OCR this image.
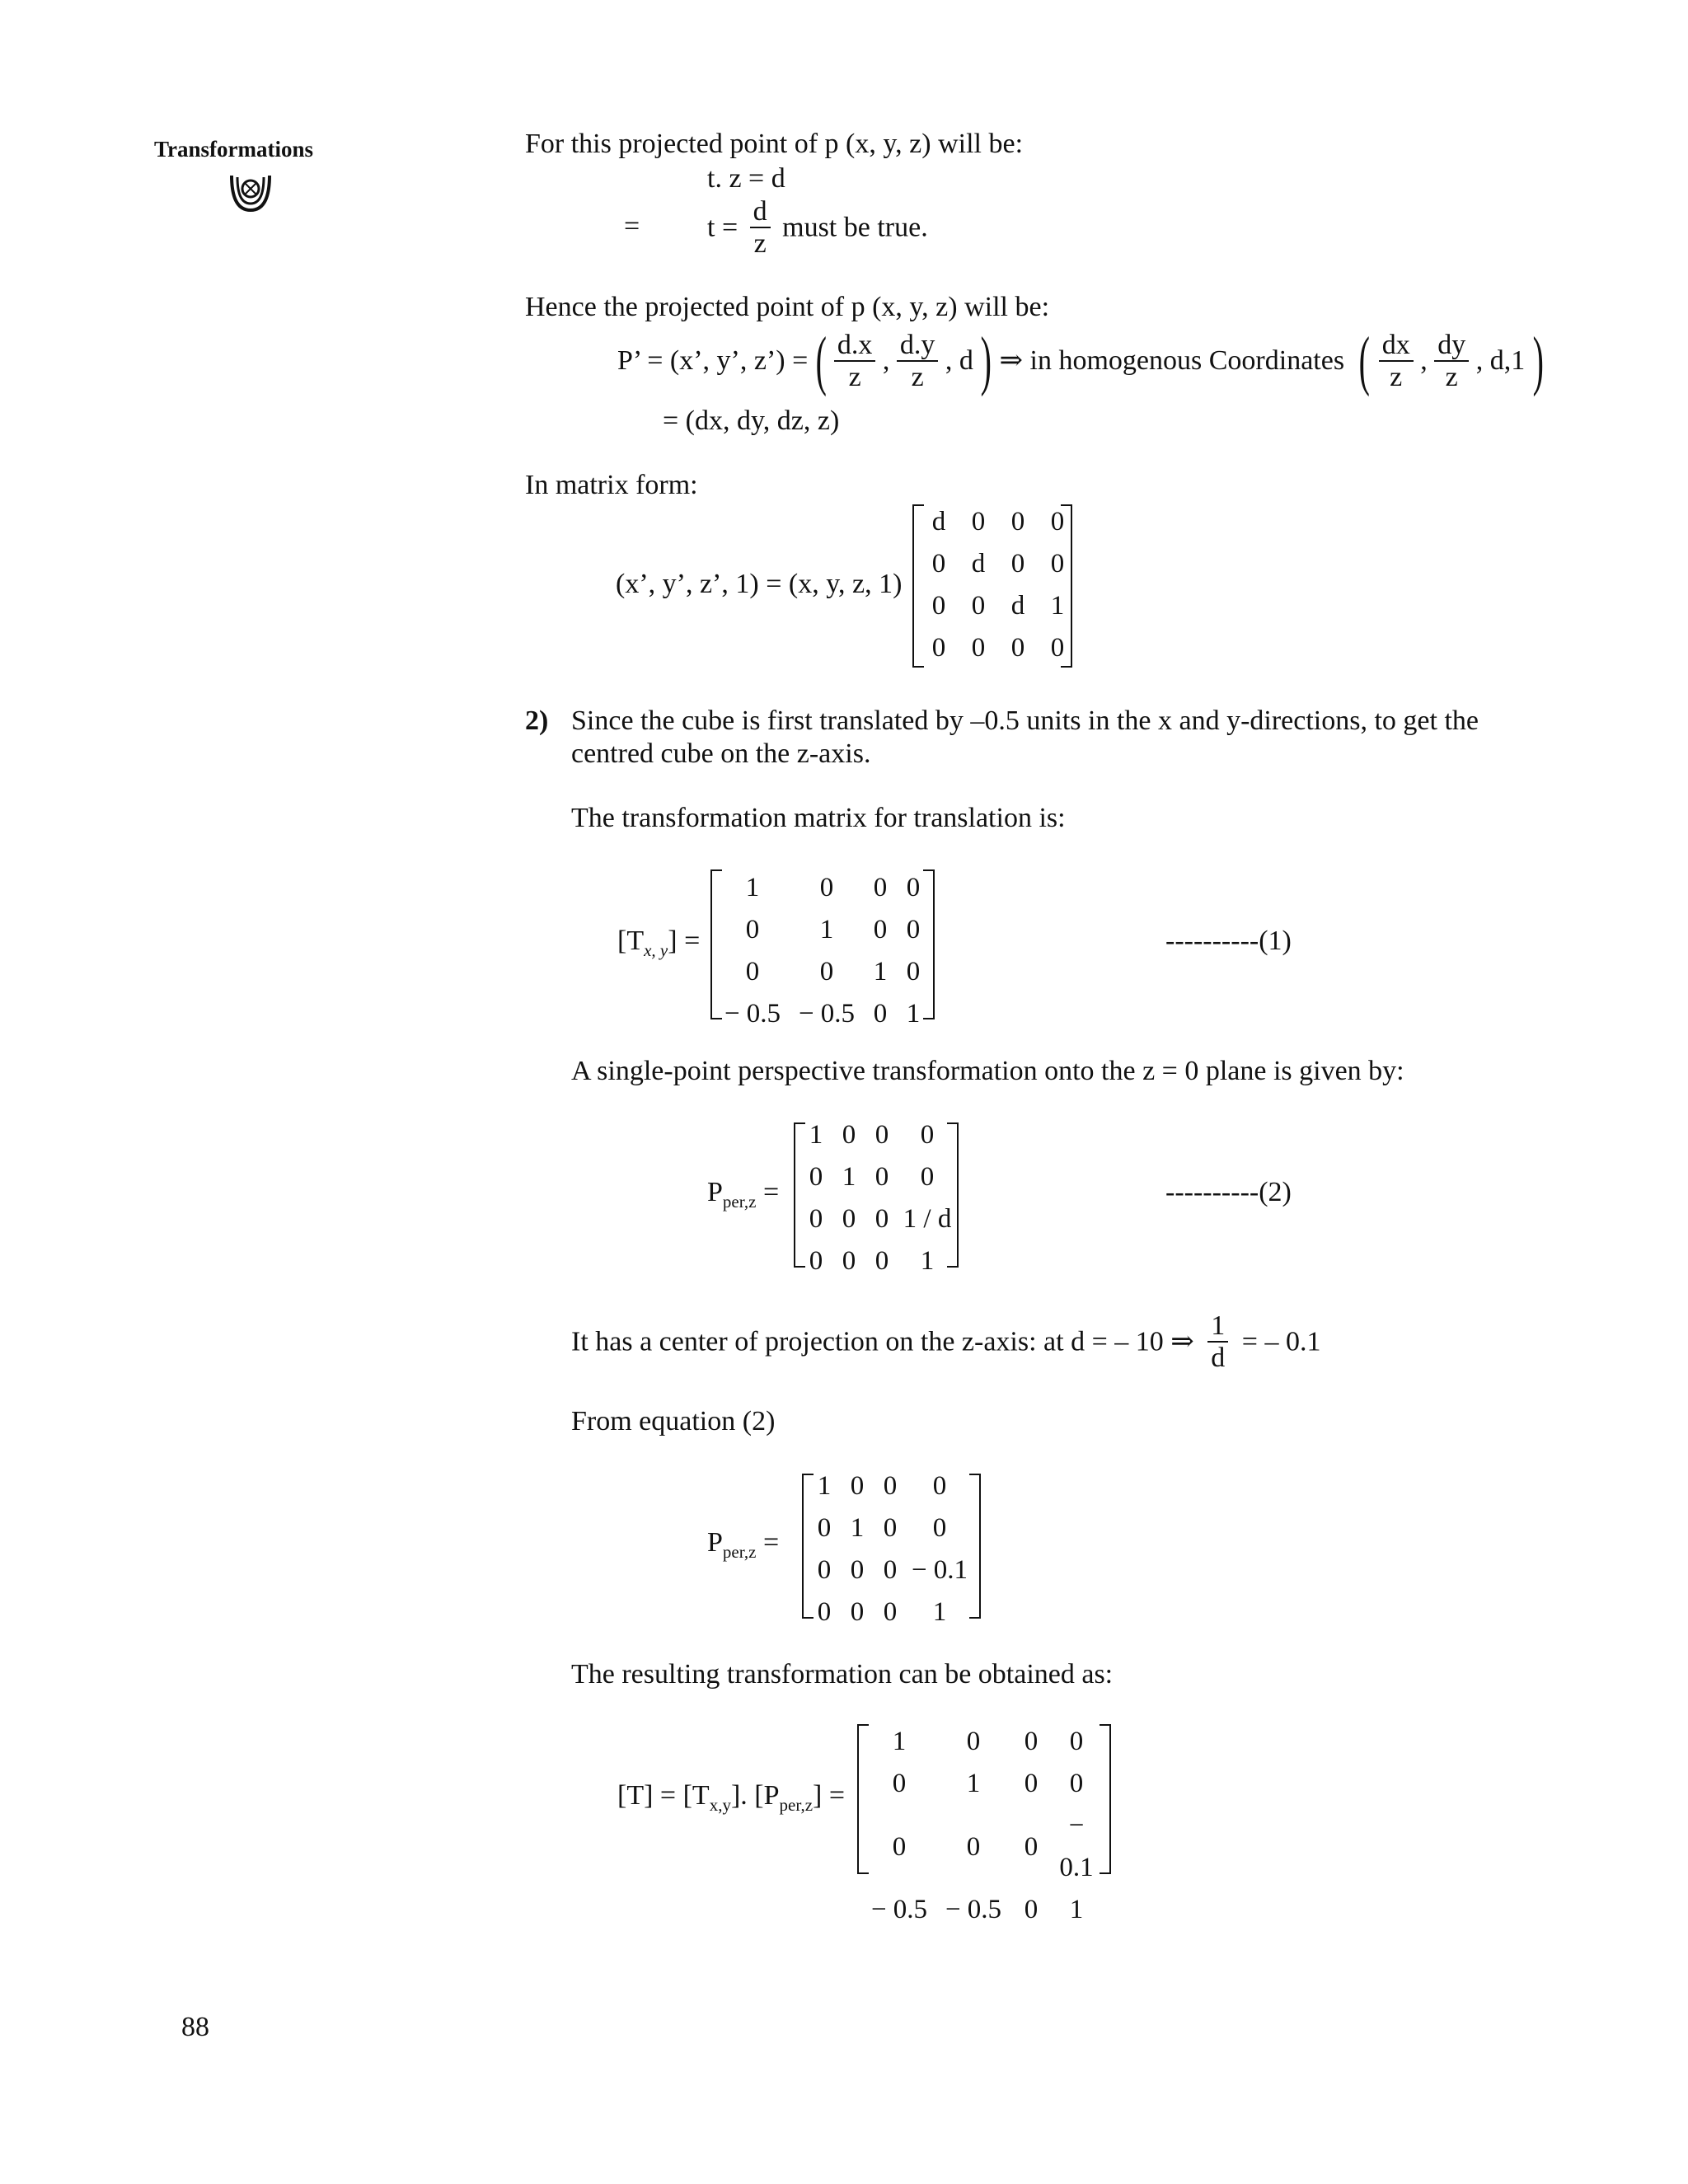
Transformations	For this projected point of p (x, y, z) will be:
t. z = d
= $t = \frac{d}{z}$ must be true.
Hence the projected point of p (x, y, z) will be:
P’ = (x’, y’, z’) = ( $\frac{d.x}{z}$ , $\frac{d.y}{z}$ , d ) ⇒ in homogenous Coordinates ( $\frac{dx}{z}$ , $\frac{dy}{z}$ , d,1 )
= (dx, dy, dz, z)
In matrix form:
(x’, y’, z’, 1) = (x, y, z, 1)
d	0	0	0
0	d	0	0
0	0	d	1
0	0	0	0
2) Since the cube is first translated by –0.5 units in the x and y-directions, to get the
centred cube on the z-axis.
The transformation matrix for translation is:
$[T_{x, y}]$ =
1	0	0	0
0	1	0	0
0	0	1	0
− 0.5	− 0.5	0	1
----------(1)
A single-point perspective transformation onto the z = 0 plane is given by:
$P_{per,z}$ =
1	0	0	0
0	1	0	0
0	0	0	1 / d
0	0	0	1
----------(2)
It has a center of projection on the z-axis: at d = – 10 ⇒ $\frac{1}{d}$ = – 0.1
From equation (2)
$P_{per,z}$ =
1	0	0	0
0	1	0	0
0	0	0	− 0.1
0	0	0	1
The resulting transformation can be obtained as:
$[T] = [T_{x,y}]$. $[P_{per,z}]$ =
1	0	0	0
0	1	0	0
0	0	0	− 0.1
− 0.5	− 0.5	0	1
88
